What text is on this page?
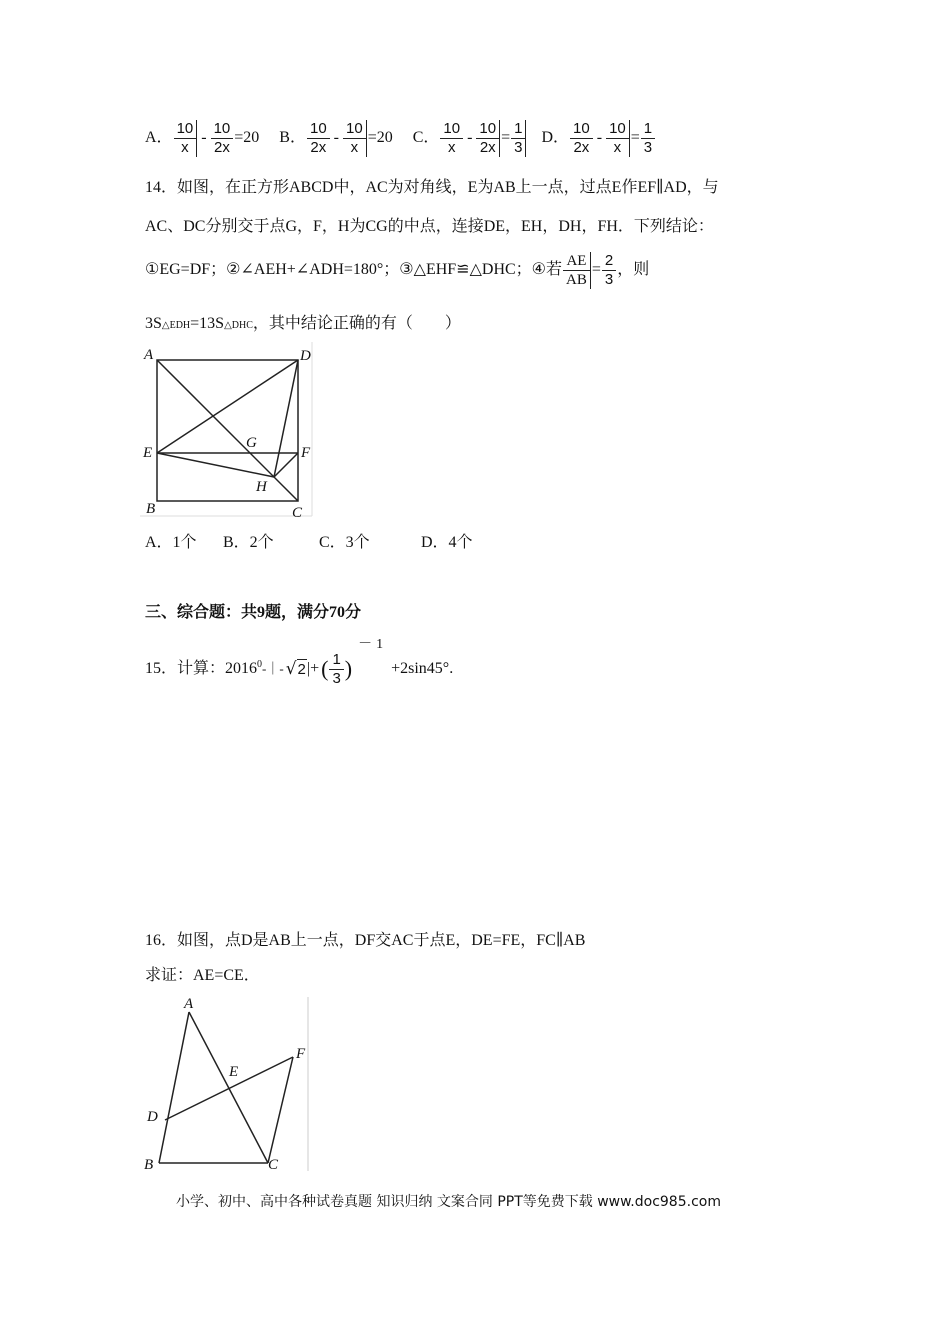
A． $\frac{10}{x} - \frac{10}{2x} =20$ B． $\frac{10}{2x} - \frac{10}{x} =20$ C． $\frac{10}{x} - \frac{10}{2x} = \frac{1}{3}$ D． $\frac{10}{2x} - \frac{10}{x} = \frac{1}{3}$
14．如图，在正方形ABCD中，AC为对角线，E为AB上一点，过点E作EF∥AD，与
AC、DC分别交于点G，F，H为CG的中点，连接DE，EH，DH，FH．下列结论：
①EG=DF；②∠AEH+∠ADH=180°；③△EHF≌△DHC；④若 $\frac{AE}{AB} = \frac{2}{3}$ ，则
3S△EDH=13S△DHC，其中结论正确的有（　　）
A	D
E
G
F
H
B	C
A．1个 B．2个	C．3个	D．4个
三、综合题：共9题，满分70分
15．计算：2016$^0$ -｜- √ 2 |+ ( $\frac{1}{3}$ )
－1
+2sin45°.
16．如图，点D是AB上一点，DF交AC于点E，DE=FE，FC∥AB
求证：AE=CE．
A
F
E
D
B	C
小学、初中、高中各种试卷真题 知识归纳 文案合同 PPT等免费下载 www.doc985.com
